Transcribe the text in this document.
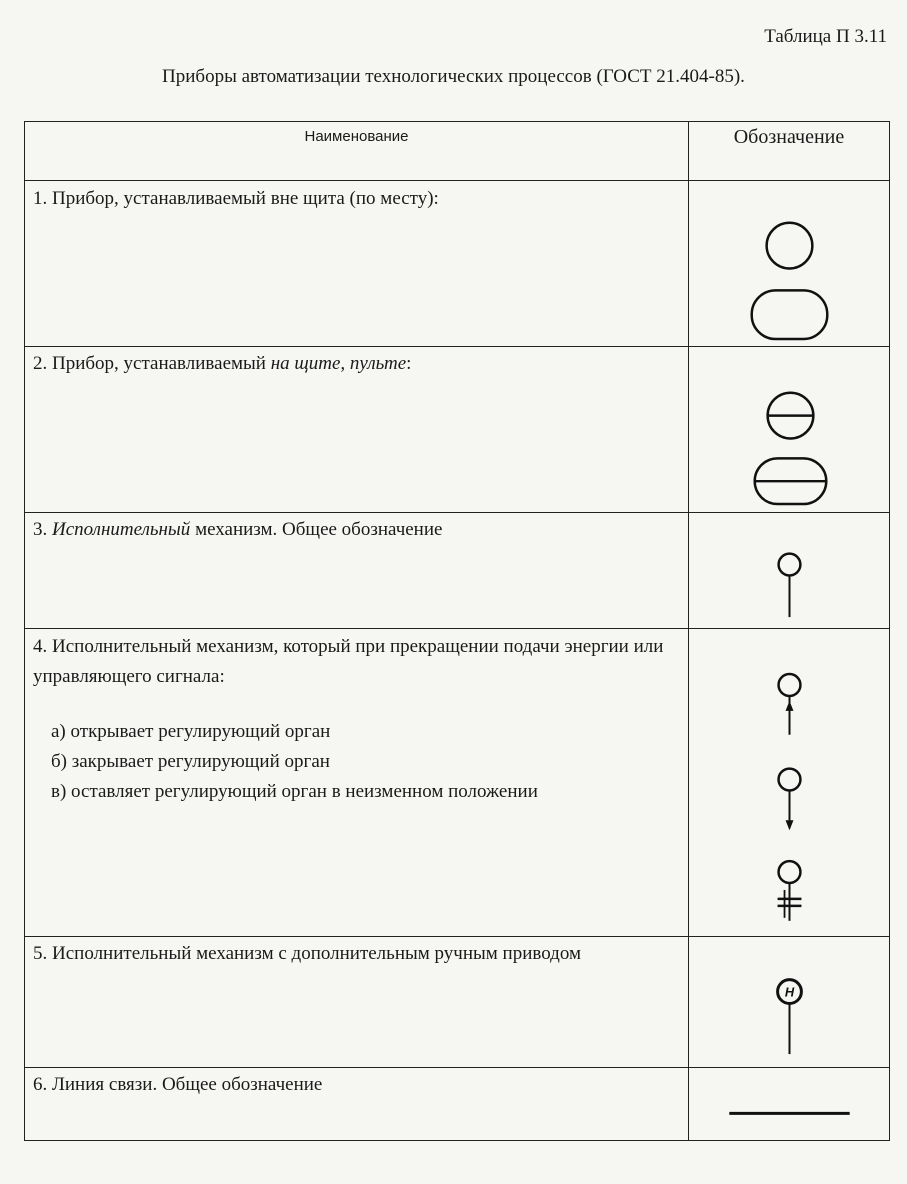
Таблица П 3.11
Приборы автоматизации технологических процессов (ГОСТ 21.404-85).
Наименование	Обозначение
1. Прибор, устанавливаемый вне щита (по месту):
2. Прибор, устанавливаемый на щите, пульте:
3. Исполнительный механизм. Общее обозначение
4. Исполнительный механизм, который при прекращении подачи энергии или управляющего сигнала:
а) открывает регулирующий орган
б) закрывает регулирующий орган
в) оставляет регулирующий орган в неизменном положении
5. Исполнительный механизм с дополнительным ручным приводом
Н
6. Линия связи. Общее обозначение
